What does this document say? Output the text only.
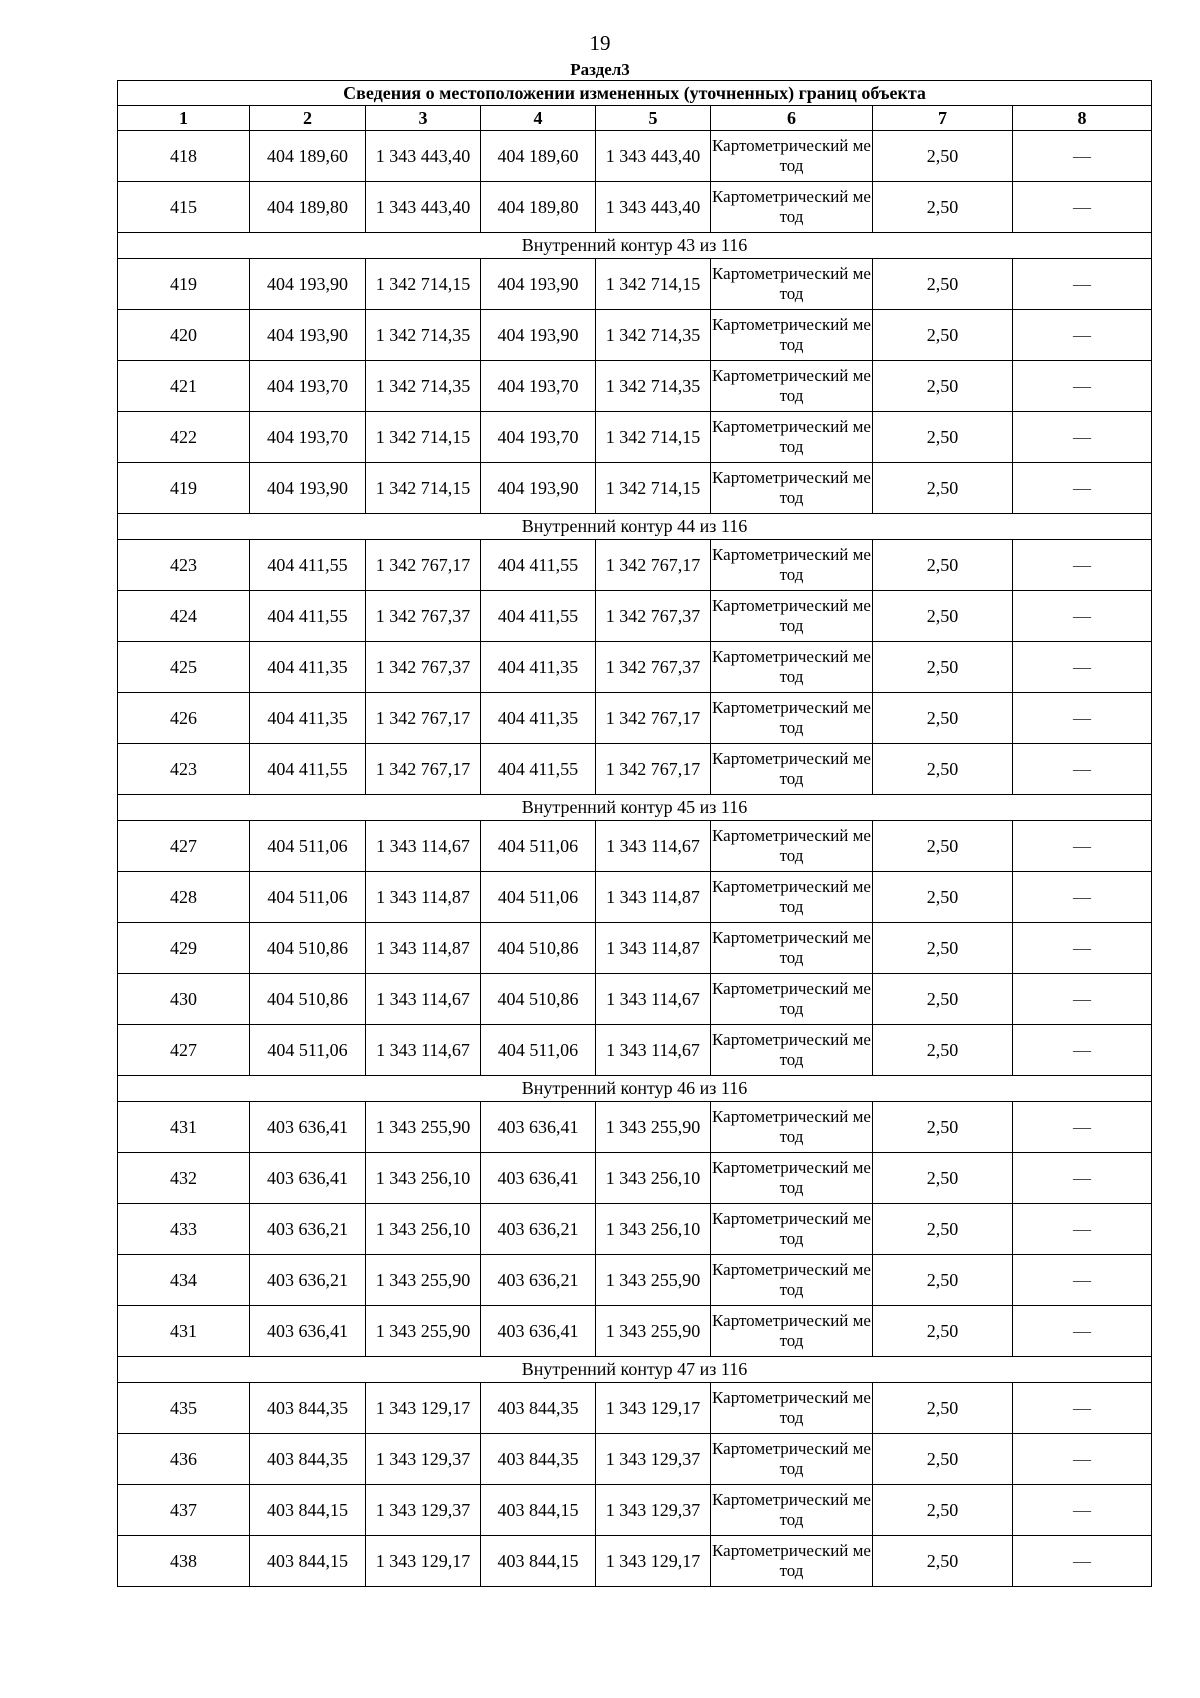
19
Раздел3
Сведения о местоположении измененных (уточненных) границ объекта							
1	2	3	4	5	6	7	8
418	404 189,60	1 343 443,40	404 189,60	1 343 443,40	Картометрический метод	2,50	—
415	404 189,80	1 343 443,40	404 189,80	1 343 443,40	Картометрический метод	2,50	—
Внутренний контур 43 из 116							
419	404 193,90	1 342 714,15	404 193,90	1 342 714,15	Картометрический метод	2,50	—
420	404 193,90	1 342 714,35	404 193,90	1 342 714,35	Картометрический метод	2,50	—
421	404 193,70	1 342 714,35	404 193,70	1 342 714,35	Картометрический метод	2,50	—
422	404 193,70	1 342 714,15	404 193,70	1 342 714,15	Картометрический метод	2,50	—
419	404 193,90	1 342 714,15	404 193,90	1 342 714,15	Картометрический метод	2,50	—
Внутренний контур 44 из 116							
423	404 411,55	1 342 767,17	404 411,55	1 342 767,17	Картометрический метод	2,50	—
424	404 411,55	1 342 767,37	404 411,55	1 342 767,37	Картометрический метод	2,50	—
425	404 411,35	1 342 767,37	404 411,35	1 342 767,37	Картометрический метод	2,50	—
426	404 411,35	1 342 767,17	404 411,35	1 342 767,17	Картометрический метод	2,50	—
423	404 411,55	1 342 767,17	404 411,55	1 342 767,17	Картометрический метод	2,50	—
Внутренний контур 45 из 116							
427	404 511,06	1 343 114,67	404 511,06	1 343 114,67	Картометрический метод	2,50	—
428	404 511,06	1 343 114,87	404 511,06	1 343 114,87	Картометрический метод	2,50	—
429	404 510,86	1 343 114,87	404 510,86	1 343 114,87	Картометрический метод	2,50	—
430	404 510,86	1 343 114,67	404 510,86	1 343 114,67	Картометрический метод	2,50	—
427	404 511,06	1 343 114,67	404 511,06	1 343 114,67	Картометрический метод	2,50	—
Внутренний контур 46 из 116							
431	403 636,41	1 343 255,90	403 636,41	1 343 255,90	Картометрический метод	2,50	—
432	403 636,41	1 343 256,10	403 636,41	1 343 256,10	Картометрический метод	2,50	—
433	403 636,21	1 343 256,10	403 636,21	1 343 256,10	Картометрический метод	2,50	—
434	403 636,21	1 343 255,90	403 636,21	1 343 255,90	Картометрический метод	2,50	—
431	403 636,41	1 343 255,90	403 636,41	1 343 255,90	Картометрический метод	2,50	—
Внутренний контур 47 из 116							
435	403 844,35	1 343 129,17	403 844,35	1 343 129,17	Картометрический метод	2,50	—
436	403 844,35	1 343 129,37	403 844,35	1 343 129,37	Картометрический метод	2,50	—
437	403 844,15	1 343 129,37	403 844,15	1 343 129,37	Картометрический метод	2,50	—
438	403 844,15	1 343 129,17	403 844,15	1 343 129,17	Картометрический метод	2,50	—
